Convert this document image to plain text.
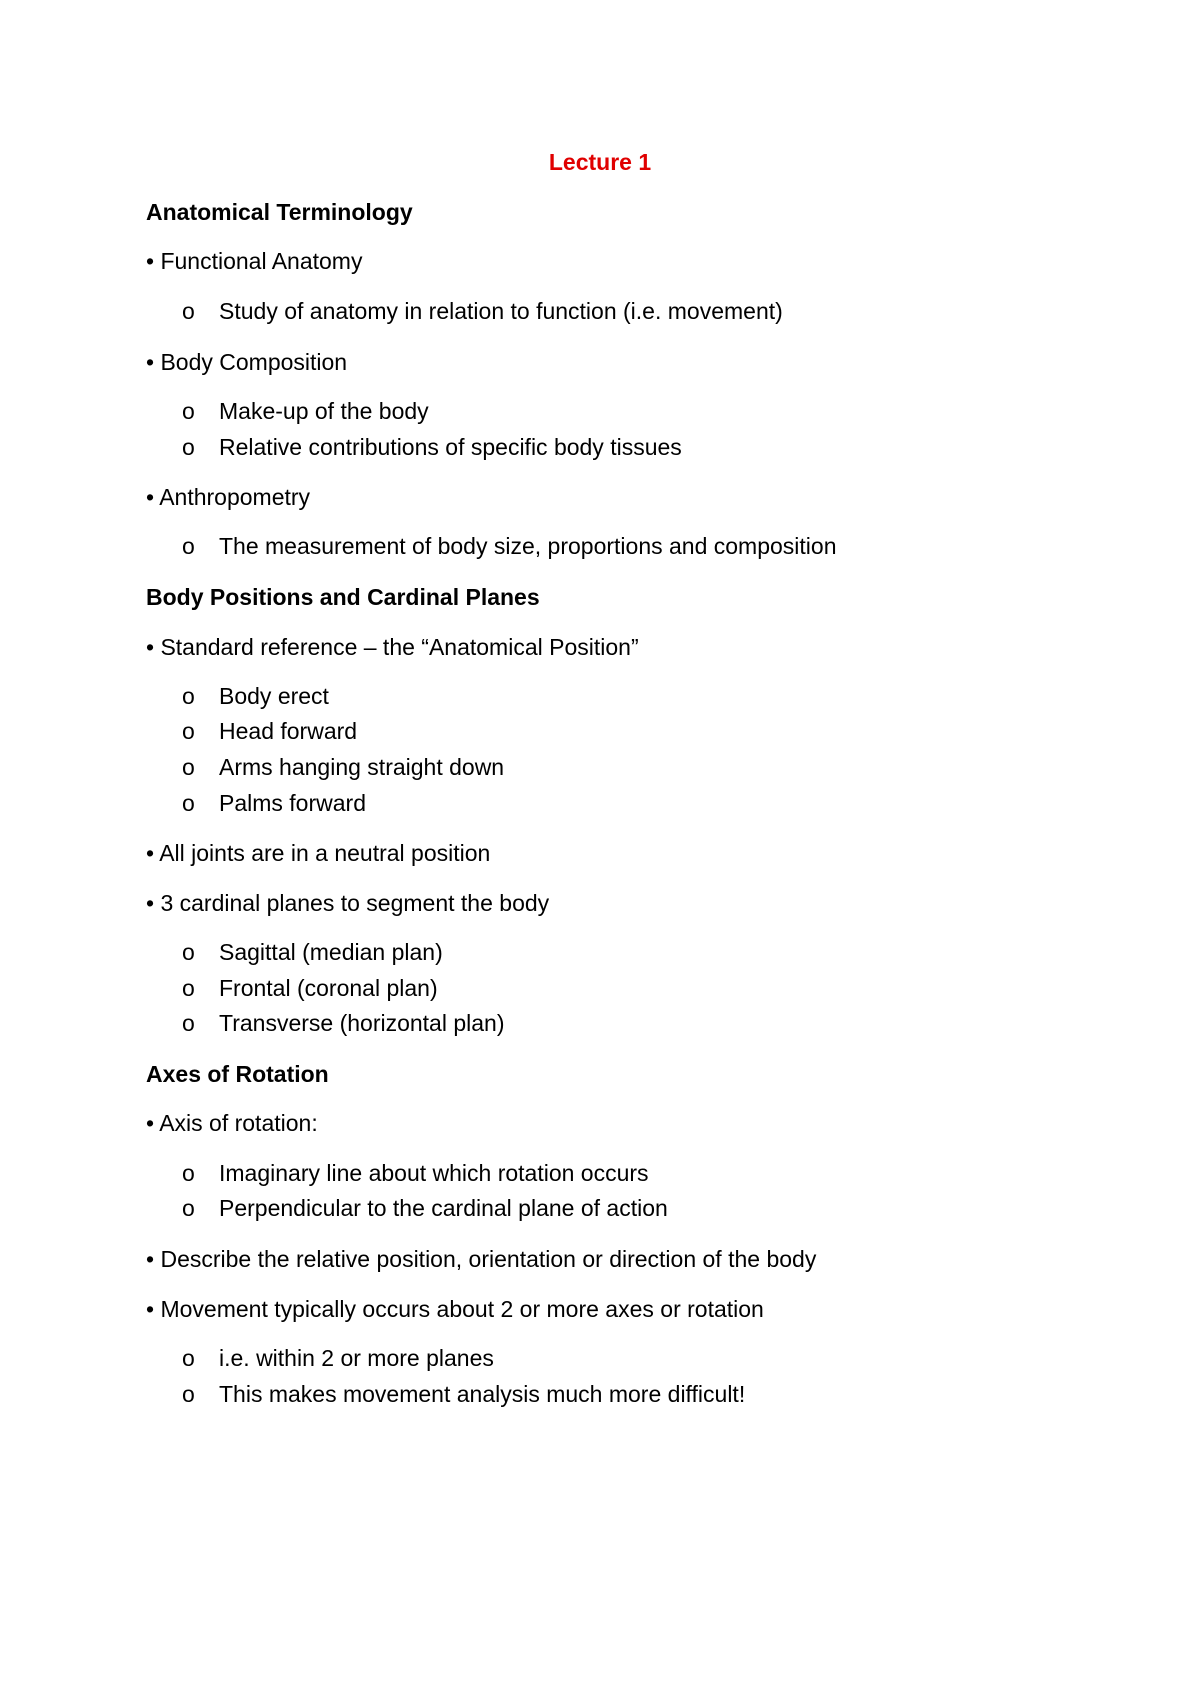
Lecture 1
Anatomical Terminology
• Functional Anatomy
o Study of anatomy in relation to function (i.e. movement)
• Body Composition
o Make-up of the body
o Relative contributions of specific body tissues
• Anthropometry
o The measurement of body size, proportions and composition
Body Positions and Cardinal Planes
• Standard reference – the “Anatomical Position”
o Body erect
o Head forward
o Arms hanging straight down
o Palms forward
• All joints are in a neutral position
• 3 cardinal planes to segment the body
o Sagittal (median plan)
o Frontal (coronal plan)
o Transverse (horizontal plan)
Axes of Rotation
• Axis of rotation:
o Imaginary line about which rotation occurs
o Perpendicular to the cardinal plane of action
• Describe the relative position, orientation or direction of the body
• Movement typically occurs about 2 or more axes or rotation
o i.e. within 2 or more planes
o This makes movement analysis much more difficult!
